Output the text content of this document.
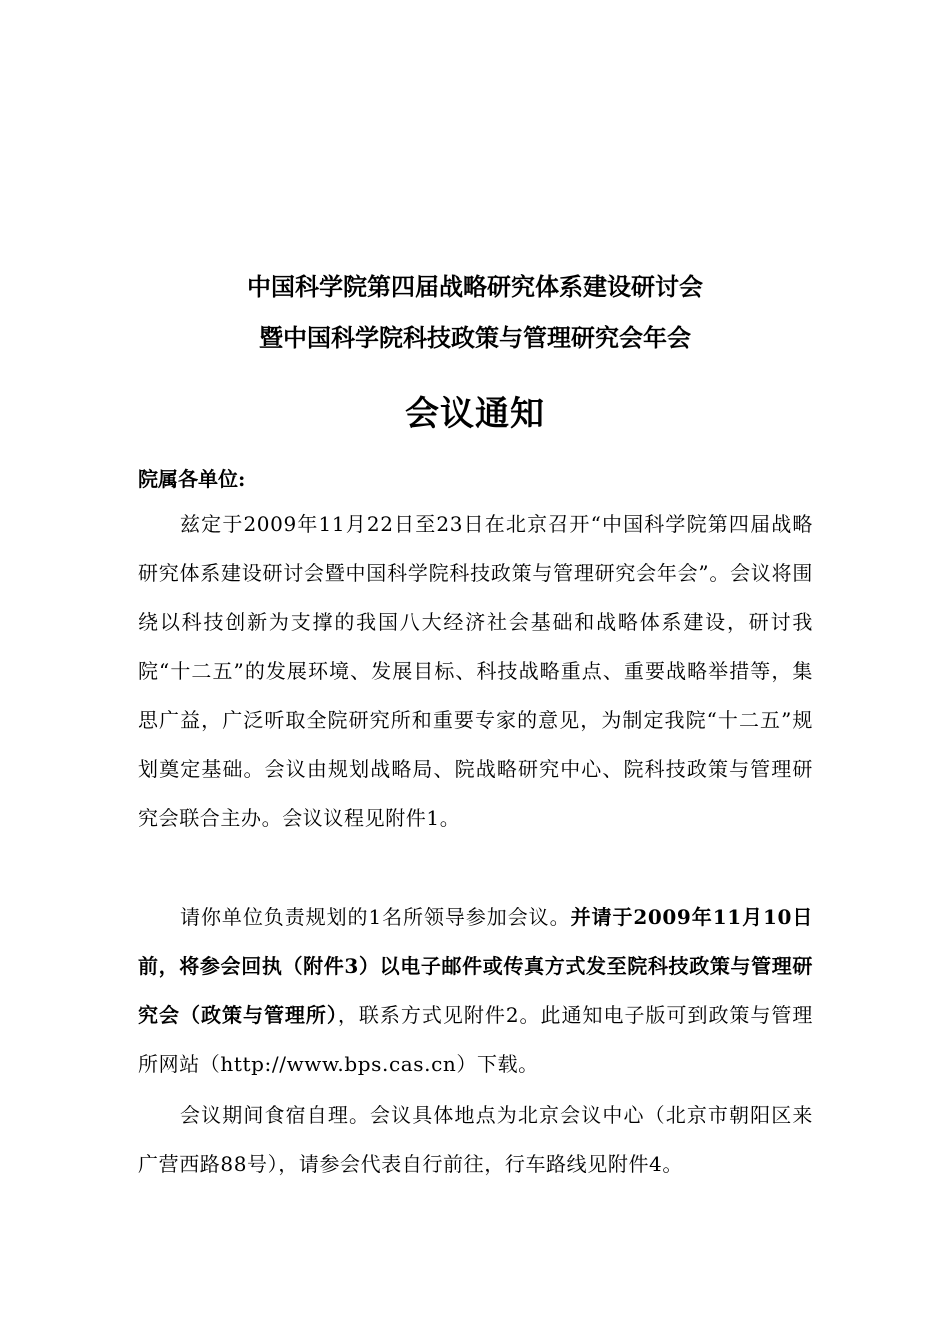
中国科学院第四届战略研究体系建设研讨会
暨中国科学院科技政策与管理研究会年会
会议通知
院属各单位:
兹定于2009年11月22日至23日在北京召开“中国科学院第四届战略研究体系建设研讨会暨中国科学院科技政策与管理研究会年会”。会议将围绕以科技创新为支撑的我国八大经济社会基础和战略体系建设，研讨我院“十二五”的发展环境、发展目标、科技战略重点、重要战略举措等，集思广益，广泛听取全院研究所和重要专家的意见，为制定我院“十二五”规划奠定基础。会议由规划战略局、院战略研究中心、院科技政策与管理研究会联合主办。会议议程见附件1。
请你单位负责规划的1名所领导参加会议。并请于2009年11月10日前，将参会回执（附件3）以电子邮件或传真方式发至院科技政策与管理研究会（政策与管理所），联系方式见附件2。此通知电子版可到政策与管理所网站（http://www.bps.cas.cn）下载。
会议期间食宿自理。会议具体地点为北京会议中心（北京市朝阳区来广营西路88号），请参会代表自行前往，行车路线见附件4。
